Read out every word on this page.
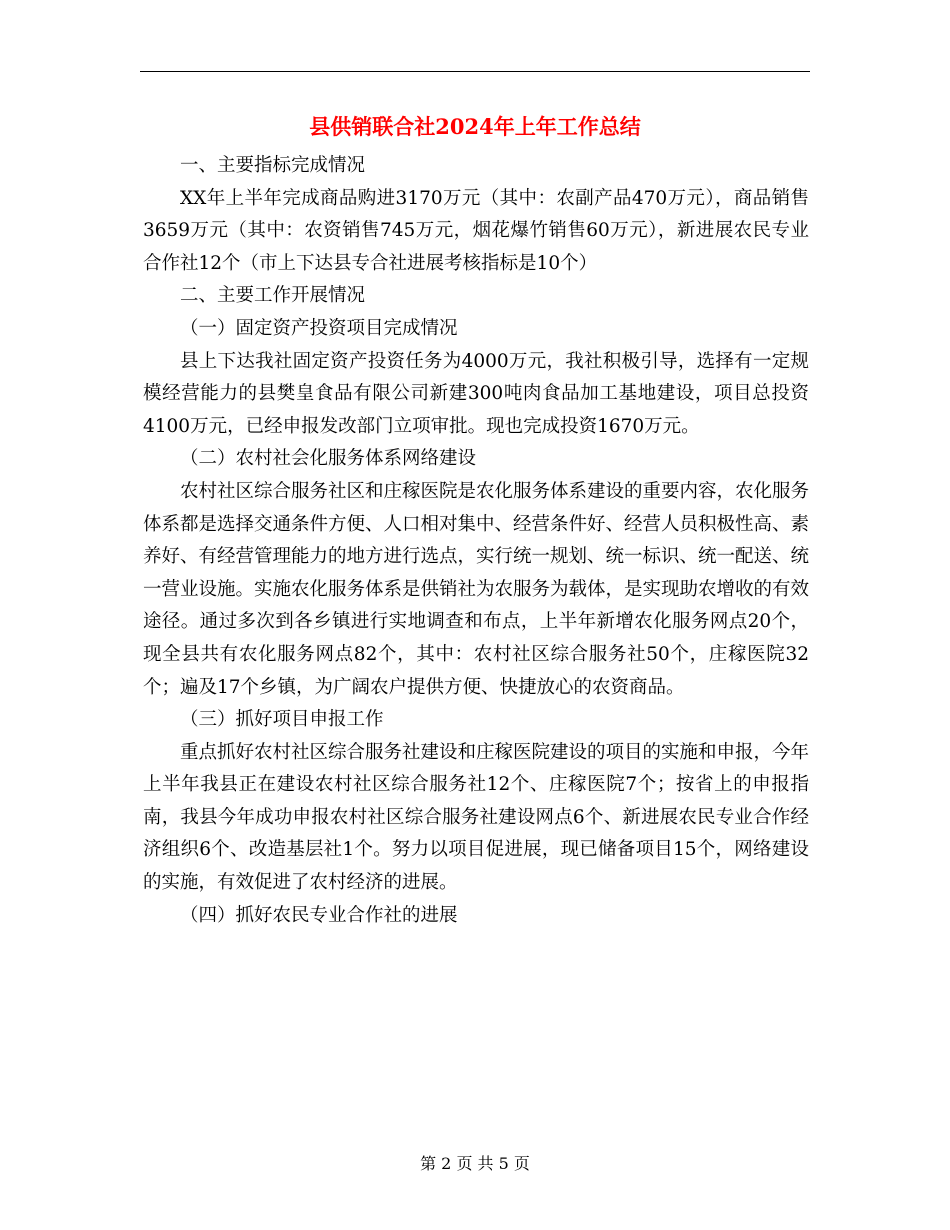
县供销联合社2024年上年工作总结

一、主要指标完成情况

XX年上半年完成商品购进3170万元（其中：农副产品470万元），商品销售3659万元（其中：农资销售745万元，烟花爆竹销售60万元），新进展农民专业合作社12个（市上下达县专合社进展考核指标是10个）

二、主要工作开展情况

（一）固定资产投资项目完成情况

县上下达我社固定资产投资任务为4000万元，我社积极引导，选择有一定规模经营能力的县樊皇食品有限公司新建300吨肉食品加工基地建设，项目总投资4100万元，已经申报发改部门立项审批。现也完成投资1670万元。

（二）农村社会化服务体系网络建设

农村社区综合服务社区和庄稼医院是农化服务体系建设的重要内容，农化服务体系都是选择交通条件方便、人口相对集中、经营条件好、经营人员积极性高、素养好、有经营管理能力的地方进行选点，实行统一规划、统一标识、统一配送、统一营业设施。实施农化服务体系是供销社为农服务为载体，是实现助农增收的有效途径。通过多次到各乡镇进行实地调查和布点，上半年新增农化服务网点20个，现全县共有农化服务网点82个，其中：农村社区综合服务社50个，庄稼医院32个；遍及17个乡镇，为广阔农户提供方便、快捷放心的农资商品。

（三）抓好项目申报工作

重点抓好农村社区综合服务社建设和庄稼医院建设的项目的实施和申报，今年上半年我县正在建设农村社区综合服务社12个、庄稼医院7个；按省上的申报指南，我县今年成功申报农村社区综合服务社建设网点6个、新进展农民专业合作经济组织6个、改造基层社1个。努力以项目促进展，现已储备项目15个，网络建设的实施，有效促进了农村经济的进展。

（四）抓好农民专业合作社的进展

第 2 页 共 5 页
